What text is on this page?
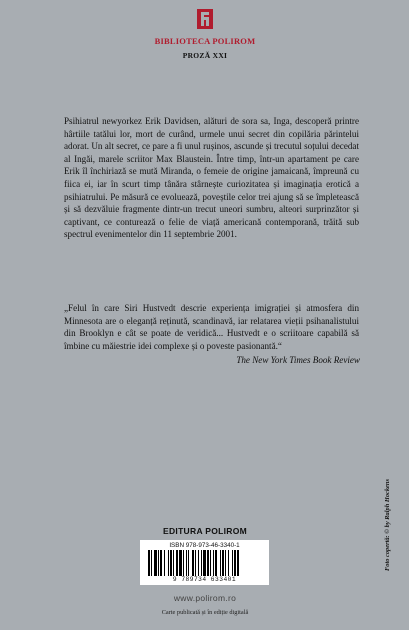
BIBLIOTECA POLIROM
PROZĂ XXI

Psihiatrul newyorkez Erik Davidsen, alături de sora sa, Inga, descoperă printre hârtiile tatălui lor, mort de curând, urmele unui secret din copilăria părintelui adorat. Un alt secret, ce pare a fi unul rușinos, ascunde și trecutul soțului decedat al Ingăi, marele scriitor Max Blaustein. Între timp, într-un apartament pe care Erik îl închiriază se mută Miranda, o femeie de origine jamaicană, împreună cu fiica ei, iar în scurt timp tânăra stârnește curiozitatea și imaginația erotică a psihiatrului. Pe măsură ce evoluează, poveștile celor trei ajung să se împletească și să dezvăluie fragmente dintr-un trecut uneori sumbru, alteori surprinzător și captivant, ce conturează o felie de viață americană contemporană, trăită sub spectrul evenimentelor din 11 septembrie 2001.

„Felul în care Siri Hustvedt descrie experiența imigrației și atmosfera din Minnesota are o eleganță reținută, scandinavă, iar relatarea vieții psihanalistului din Brooklyn e cât se poate de veridică... Hustvedt e o scriitoare capabilă să îmbine cu măiestrie idei complexe și o poveste pasionantă.“

The New York Times Book Review

EDITURA POLIROM
ISBN 978-973-46-3340-1
9 789734 633401
www.polirom.ro
Carte publicată și în ediție digitală
Foto copertă: © by Ralph Hockens
